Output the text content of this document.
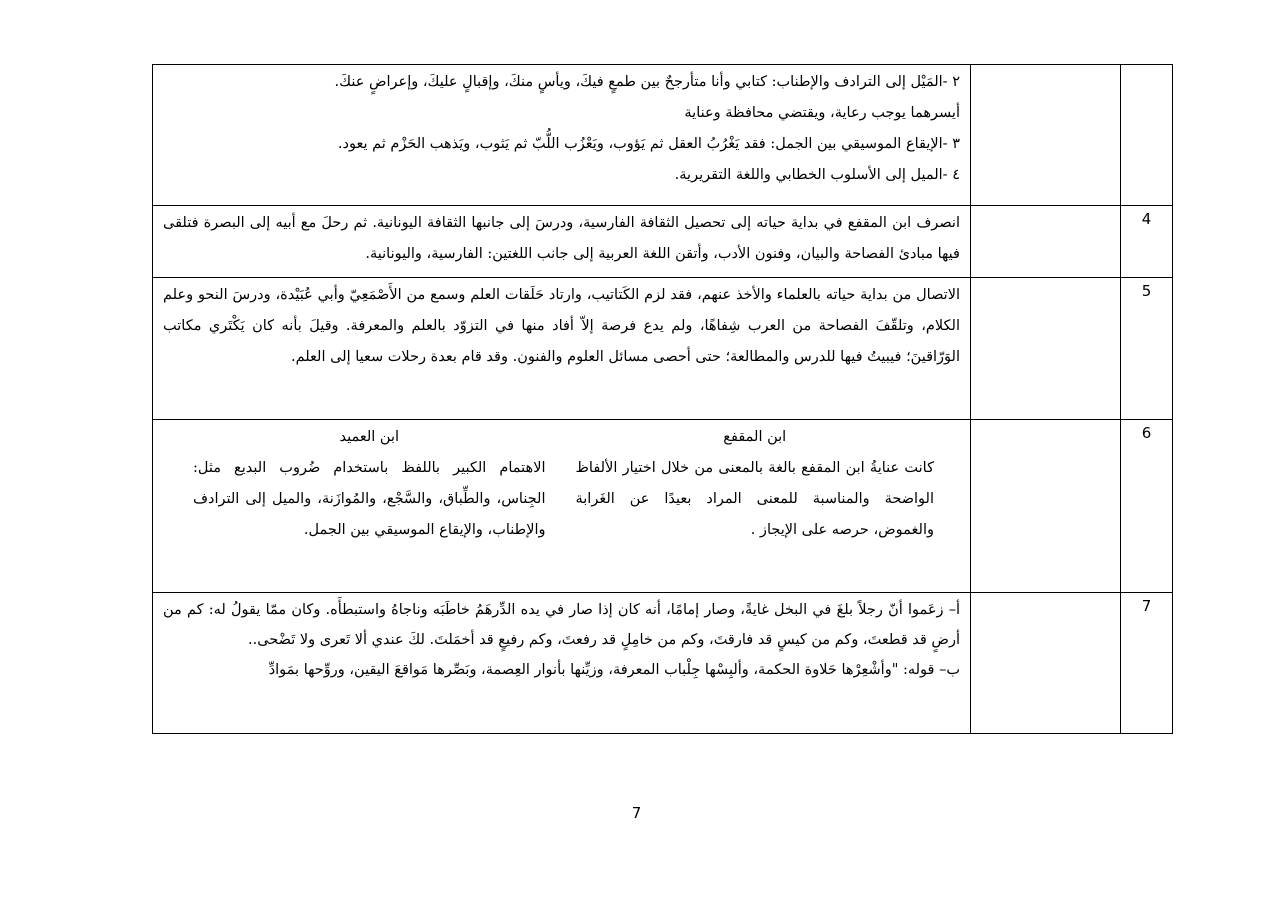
٢ -المَيْل إلى الترادف والإطناب: كتابي وأنا متأرجحٌ بين طمعٍ فيكَ، ويأسٍ منكَ، وإقبالٍ عليكَ، وإعراضٍ عنكَ.

أيسرهما يوجب رعاية، ويقتضي محافظة وعناية

٣ -الإيقاع الموسيقي بين الجمل: فقد يَغْرُبُ العقل ثم يَؤوب، ويَعْزُب اللُّبّ ثم يَثوب، ويَذهب الحَزْم ثم يعود.

٤ -الميل إلى الأسلوب الخطابي واللغة التقريرية.		

انصرف ابن المقفع في بداية حياته إلى تحصيل الثقافة الفارسية، ودرسَ إلى جانبها الثقافة اليونانية. ثم رحلَ مع أبيه إلى البصرة فتلقى فيها مبادئ الفصاحة والبيان، وفنون الأدب، وأتقن اللغة العربية إلى جانب اللغتين: الفارسية، واليونانية.		4

الاتصال من بداية حياته بالعلماء والأخذ عنهم، فقد لزم الكَتاتيب، وارتاد حَلَقات العلم وسمع من الأَصْمَعِيّ وأبي عُبَيْدة، ودرسَ النحو وعلم الكلام، وتلقّفَ الفصاحة من العرب شِفاهًا، ولم يدع فرصة إلاّ أفاد منها في التزوّد بالعلم والمعرفة. وقيلَ بأنه كان يَكْتَري مكاتب الوَرّاقينَ؛ فيبيتُ فيها للدرس والمطالعة؛ حتى أحصى مسائل العلوم والفنون. وقد قام بعدة رحلات سعيا إلى العلم.		5

ابن المقفع

كانت عنايةُ ابن المقفع بالغة بالمعنى من خلال اختيار الألفاظ الواضحة والمناسبة للمعنى المراد بعيدًا عن الغَرابة والغموض، حرصه على الإيجاز .

ابن العميد

الاهتمام الكبير باللفظ باستخدام ضُروب البديع مثل: الجِناس، والطِّباق، والسَّجْع، والمُوازَنة، والميل إلى الترادف والإطناب، والإيقاع الموسيقي بين الجمل.		6

أ– زعَموا أنّ رجلاً بلغَ في البخل غايةً، وصار إمامًا، أنه كان إذا صار في يده الدِّرهَمُ خاطَبَه وناجاهُ واستبطأَه. وكان ممّا يقولُ له: كم من أرضٍ قد قطعتَ، وكم من كيسٍ قد فارقتَ، وكم من خامِلٍ قد رفعتَ، وكم رفيعٍ قد أخمَلتَ. لكَ عندي ألا تَعرى ولا تَضْحى..

ب– قوله: "وأشْعِرْها حَلاوة الحكمة، وألبِسْها جِلْباب المعرفة، وزيِّنها بأنوار العِصمة، وبَصِّرها مَواقعَ اليقين، وروِّحها بمَوادِّ		7
7
